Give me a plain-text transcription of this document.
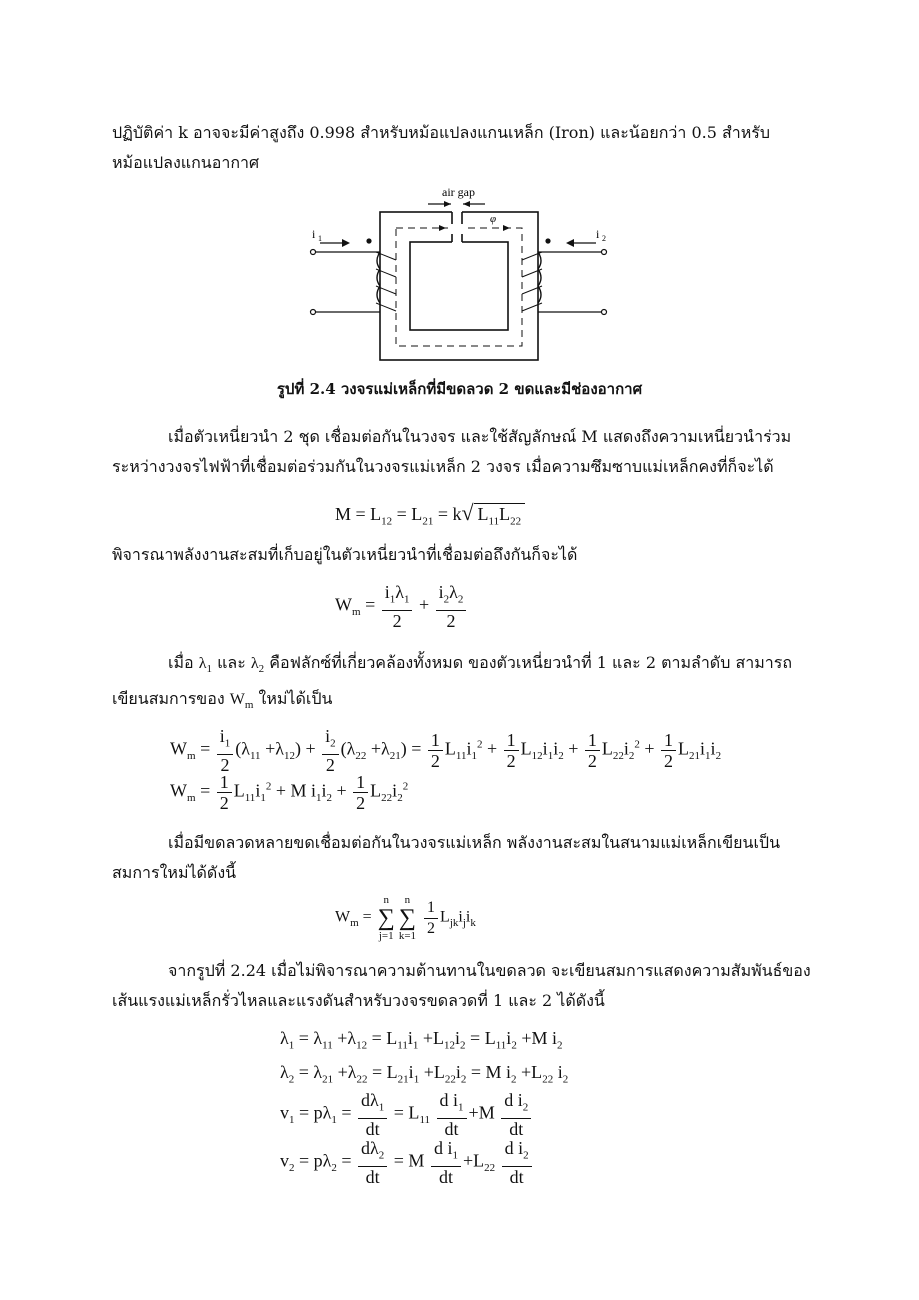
ปฏิบัติค่า k อาจจะมีค่าสูงถึง 0.998 สำหรับหม้อแปลงแกนเหล็ก (Iron) และน้อยกว่า 0.5 สำหรับหม้อแปลงแกนอากาศ
air gap
φ
i 1	i 2
รูปที่ 2.4 วงจรแม่เหล็กที่มีขดลวด 2 ขดและมีช่องอากาศ
เมื่อตัวเหนี่ยวนำ 2 ชุด เชื่อมต่อกันในวงจร และใช้สัญลักษณ์ M แสดงถึงความเหนี่ยวนำร่วมระหว่างวงจรไฟฟ้าที่เชื่อมต่อร่วมกันในวงจรแม่เหล็ก 2 วงจร เมื่อความซึมซาบแม่เหล็กคงที่ก็จะได้
$M = L_{12} = L_{21} = k√$ $L_{11}L_{22}$
พิจารณาพลังงานสะสมที่เก็บอยู่ในตัวเหนี่ยวนำที่เชื่อมต่อถึงกันก็จะได้
$W_m = \frac{i_1\lambda_1}{2} + \frac{i_2\lambda_2}{2}$
เมื่อ $\lambda_1$ และ $\lambda_2$ คือฟลักซ์ที่เกี่ยวคล้องทั้งหมด ของตัวเหนี่ยวนำที่ 1 และ 2 ตามลำดับ สามารถเขียนสมการของ $W_m$ ใหม่ได้เป็น
$W_m = \frac{i_1}{2} (\lambda_{11} +\lambda_{12}) + \frac{i_2}{2} (\lambda_{22} +\lambda_{21}) = \frac{1}{2} L_{11}i_1^2 + \frac{1}{2} L_{12}i_1i_2 + \frac{1}{2} L_{22}i_2^2 + \frac{1}{2} L_{21}i_1i_2$
$W_m = \frac{1}{2} L_{11}i_1^2 + M$ $i_1i_2 + \frac{1}{2} L_{22}i_2^2$
เมื่อมีขดลวดหลายขดเชื่อมต่อกันในวงจรแม่เหล็ก พลังงานสะสมในสนามแม่เหล็กเขียนเป็นสมการใหม่ได้ดังนี้
$W_m = n$
∑
j=1n
∑
$k=1 \frac{1}{2} L_{jk}i_ji_k$
จากรูปที่ 2.24 เมื่อไม่พิจารณาความต้านทานในขดลวด จะเขียนสมการแสดงความสัมพันธ์ของเส้นแรงแม่เหล็กรั่วไหลและแรงดันสำหรับวงจรขดลวดที่ 1 และ 2 ได้ดังนี้
$\lambda_1 = \lambda_{11} +\lambda_{12} = L_{11}i_1 +L_{12}i_2 = L_{11}i_2 +M$ $i_2$
$\lambda_2 = \lambda_{21} +\lambda_{22} = L_{21}i_1 +L_{22}i_2 = M$ $i_2 +L_{22}$ $i_2$
$v_1 = p\lambda_1 = \frac{d\lambda_1}{dt} = L_{11} \frac{d i_1}{dt} +M \frac{d i_2}{dt}$
$v_2 = p\lambda_2 = \frac{d\lambda_2}{dt} = M \frac{d i_1}{dt} +L_{22} \frac{d i_2}{dt}$
